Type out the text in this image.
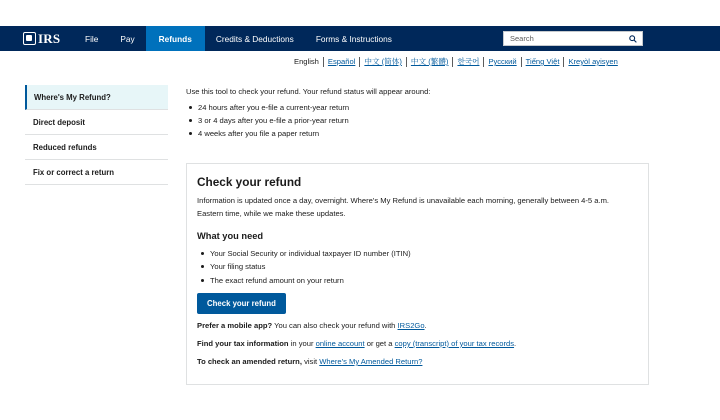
IRS	File	Pay	Refunds	Credits & Deductions	Forms & Instructions	Search
English	Español	中文 (简体)	中文 (繁體)	한국어	Русский	Tiếng Việt	Kreyòl ayisyen
Where's My Refund?
Direct deposit
Reduced refunds
Fix or correct a return

Use this tool to check your refund. Your refund status will appear around:

24 hours after you e-file a current-year return
3 or 4 days after you e-file a prior-year return
4 weeks after you file a paper return
Check your refund

Information is updated once a day, overnight. Where's My Refund is unavailable each morning, generally between 4-5 a.m. Eastern time, while we make these updates.

What you need
Your Social Security or individual taxpayer ID number (ITIN)
Your filing status
The exact refund amount on your return
Check your refund

Prefer a mobile app? You can also check your refund with IRS2Go.

Find your tax information in your online account or get a copy (transcript) of your tax records.

To check an amended return, visit Where's My Amended Return?
